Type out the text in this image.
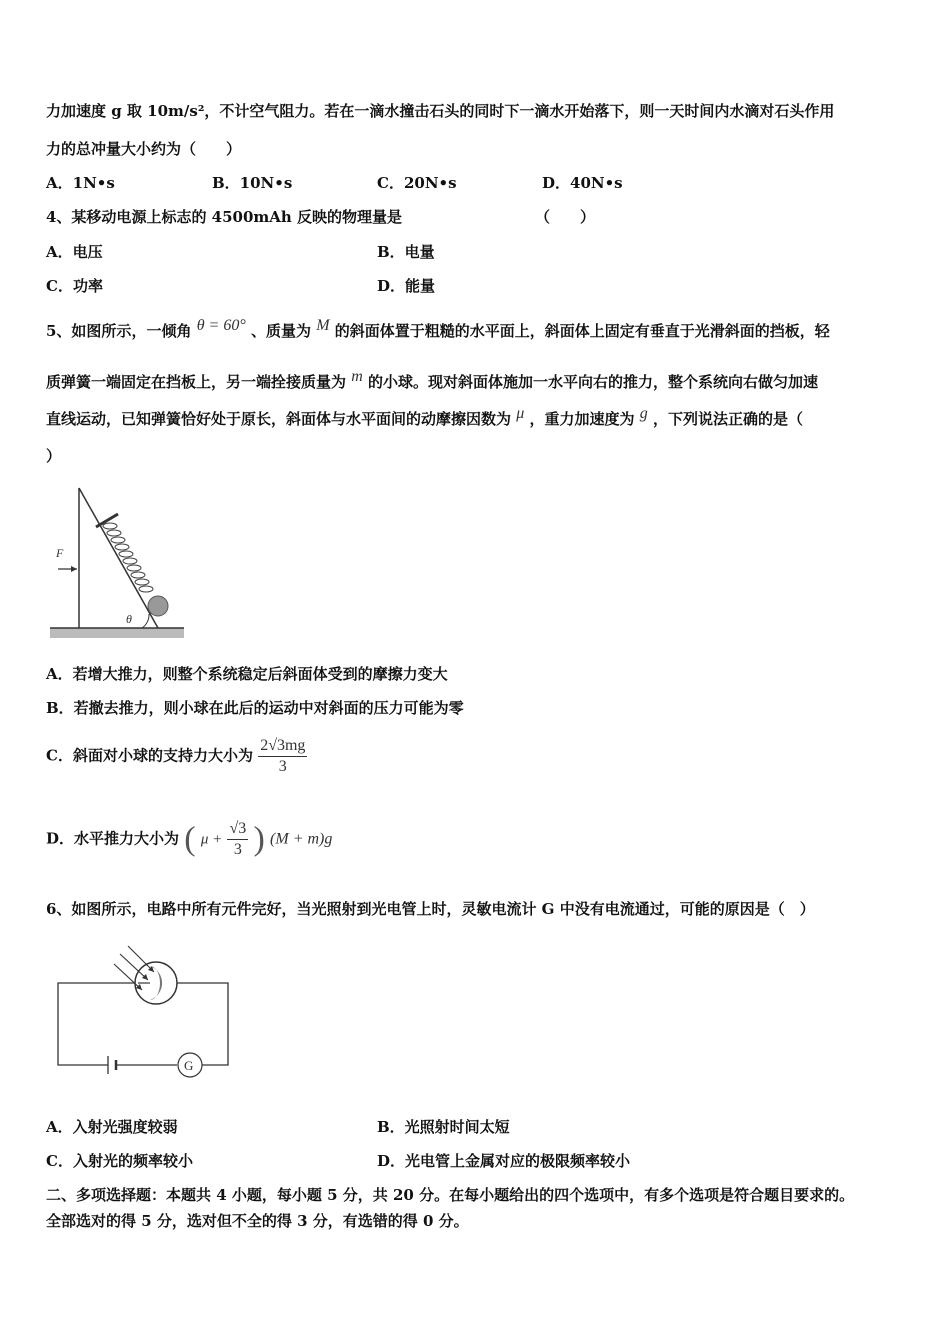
力加速度 g 取 10m/s²，不计空气阻力。若在一滴水撞击石头的同时下一滴水开始落下，则一天时间内水滴对石头作用
力的总冲量大小约为（　　）
A．1N•s	B．10N•s	C．20N•s	D．40N•s
4、某移动电源上标志的 4500mAh 反映的物理量是	（　　）
A．电压	B．电量
C．功率	D．能量
5、如图所示，一倾角 θ = 60° 、质量为 M 的斜面体置于粗糙的水平面上，斜面体上固定有垂直于光滑斜面的挡板，轻
质弹簧一端固定在挡板上，另一端拴接质量为 m 的小球。现对斜面体施加一水平向右的推力，整个系统向右做匀加速
直线运动，已知弹簧恰好处于原长，斜面体与水平面间的动摩擦因数为 μ ，重力加速度为 g ，下列说法正确的是（
）
F
θ
A．若增大推力，则整个系统稳定后斜面体受到的摩擦力变大
B．若撤去推力，则小球在此后的运动中对斜面的压力可能为零
C．斜面对小球的支持力大小为 $\frac{2√3mg}{3}$
D．水平推力大小为 ( $\mu + \frac{√3}{3}$ ) (M + m)g
6、如图所示，电路中所有元件完好，当光照射到光电管上时，灵敏电流计 G 中没有电流通过，可能的原因是（　）
G
A．入射光强度较弱	B．光照射时间太短
C．入射光的频率较小	D．光电管上金属对应的极限频率较小
二、多项选择题：本题共 4 小题，每小题 5 分，共 20 分。在每小题给出的四个选项中，有多个选项是符合题目要求的。
全部选对的得 5 分，选对但不全的得 3 分，有选错的得 0 分。
